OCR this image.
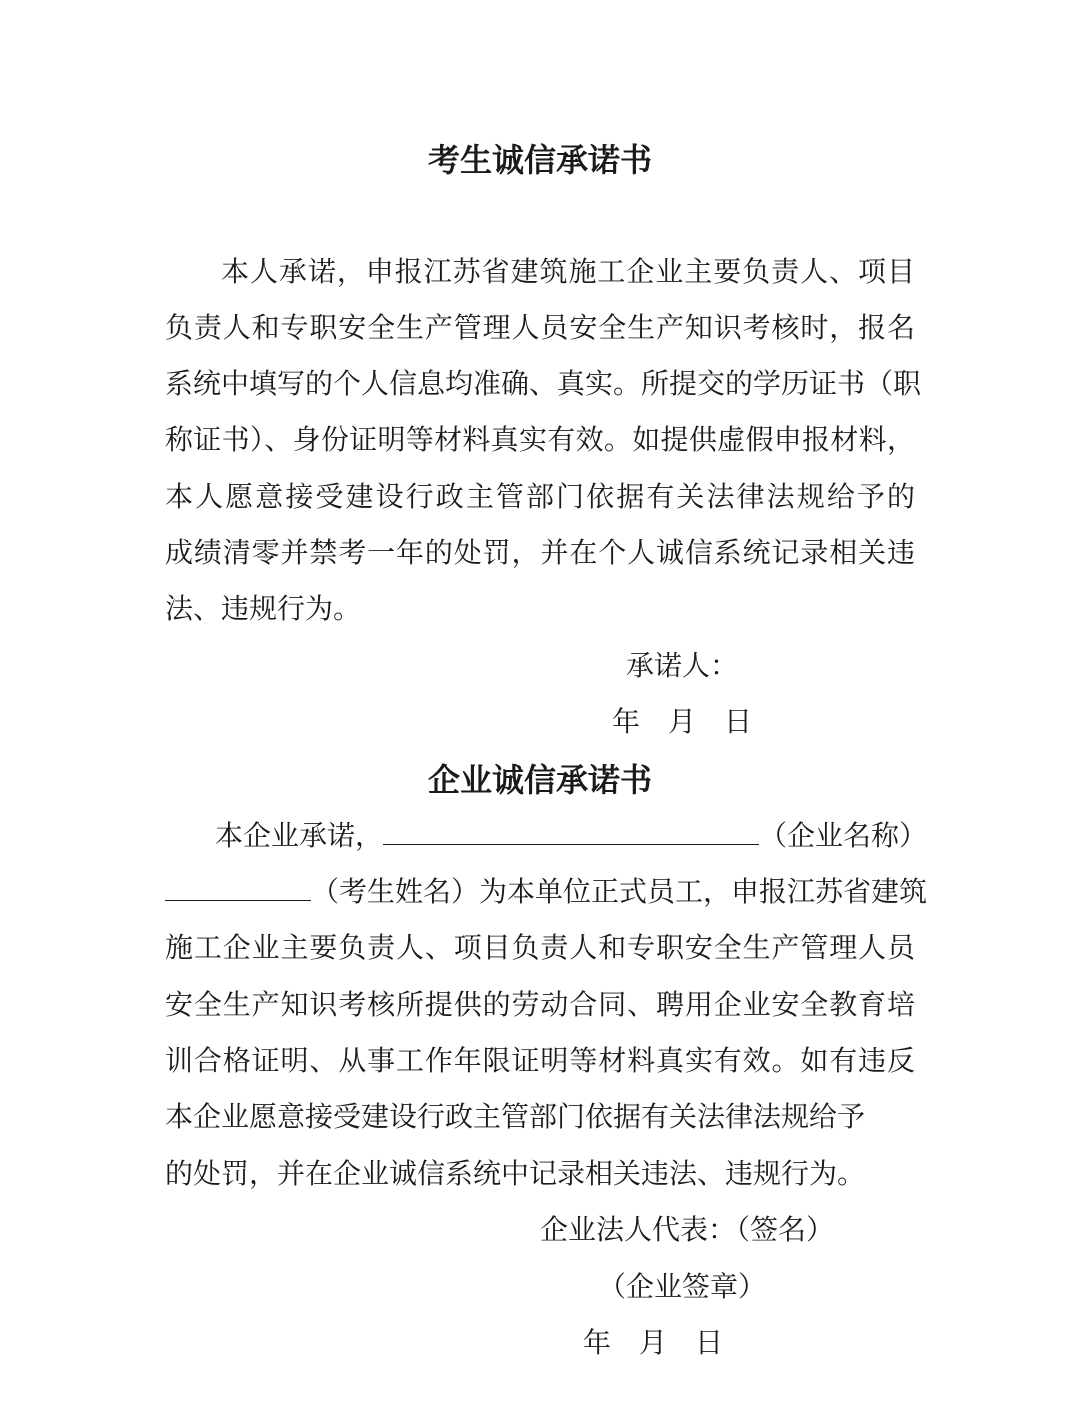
考生诚信承诺书
本人承诺，申报江苏省建筑施工企业主要负责人、项目
负责人和专职安全生产管理人员安全生产知识考核时，报名
系统中填写的个人信息均准确、真实。所提交的学历证书（职
称证书）、身份证明等材料真实有效。如提供虚假申报材料，
本人愿意接受建设行政主管部门依据有关法律法规给予的
成绩清零并禁考一年的处罚，并在个人诚信系统记录相关违
法、违规行为。
承诺人：
年　月　日
企业诚信承诺书
本企业承诺，	（企业名称）
（考生姓名）为本单位正式员工，申报江苏省建筑
施工企业主要负责人、项目负责人和专职安全生产管理人员
安全生产知识考核所提供的劳动合同、聘用企业安全教育培
训合格证明、从事工作年限证明等材料真实有效。如有违反
本企业愿意接受建设行政主管部门依据有关法律法规给予
的处罚，并在企业诚信系统中记录相关违法、违规行为。
企业法人代表：（签名）
（企业签章）
年　月　日
